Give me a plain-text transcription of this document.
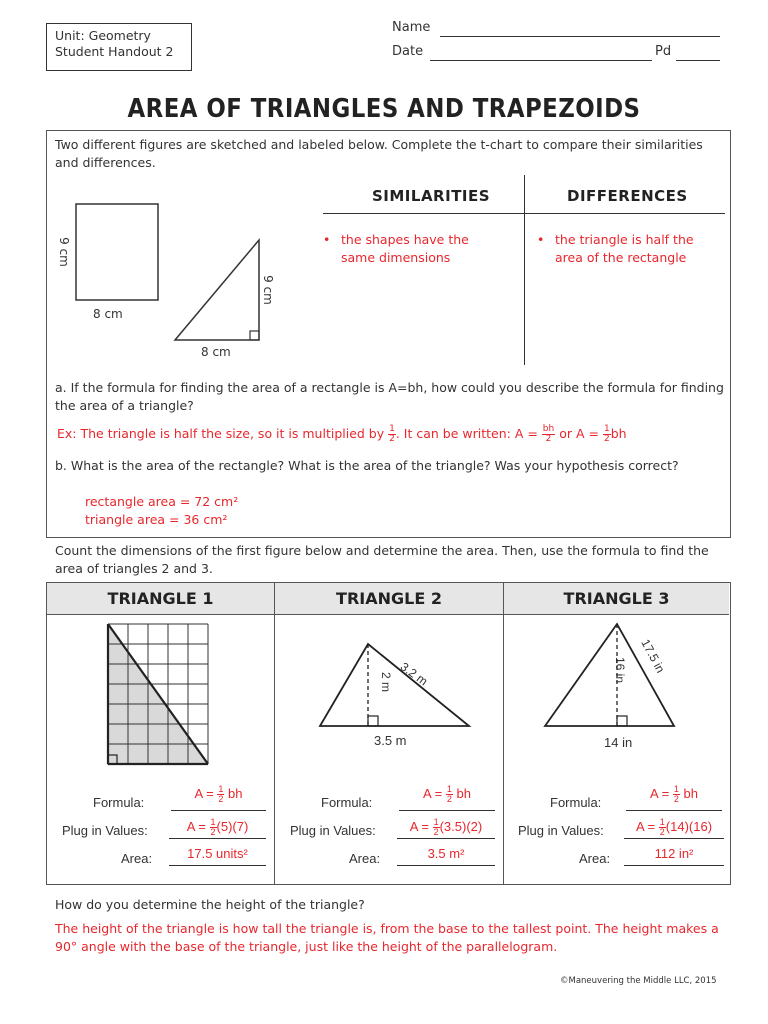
Unit: Geometry
Student Handout 2
Name
Date	Pd
AREA OF TRIANGLES AND TRAPEZOIDS
Two different figures are sketched and labeled below. Complete the t-chart to compare their similarities and differences.
9 cm
8 cm
9 cm
8 cm
SIMILARITIES	DIFFERENCES
• the shapes have the same dimensions
• the triangle is half the area of the rectangle
a. If the formula for finding the area of a rectangle is A=bh, how could you describe the formula for finding the area of a triangle?
Ex: The triangle is half the size, so it is multiplied by $\frac{1}{2}$ . It can be written: $A = \frac{bh}{2}$ or $A = \frac{1}{2}$ bh
b. What is the area of the rectangle? What is the area of the triangle? Was your hypothesis correct?
rectangle area = 72 cm²
triangle area = 36 cm²
Count the dimensions of the first figure below and determine the area. Then, use the formula to find the area of triangles 2 and 3.
TRIANGLE 1	TRIANGLE 2	TRIANGLE 3
2 m 3.2 m
3.5 m
16 in 17.5 in
14 in
Formula:
$A = \frac{1}{2}$ bh
Plug in Values:	$A = \frac{1}{2} (5)(7)$
Area:	17.5 units²
Formula:
$A = \frac{1}{2}$ bh
Plug in Values:	$A = \frac{1}{2} (3.5)(2)$
Area:	3.5 m²
Formula:
$A = \frac{1}{2}$ bh
Plug in Values:	$A = \frac{1}{2} (14)(16)$
Area:	112 in²
How do you determine the height of the triangle?
The height of the triangle is how tall the triangle is, from the base to the tallest point. The height makes a 90° angle with the base of the triangle, just like the height of the parallelogram.
©Maneuvering the Middle LLC, 2015
